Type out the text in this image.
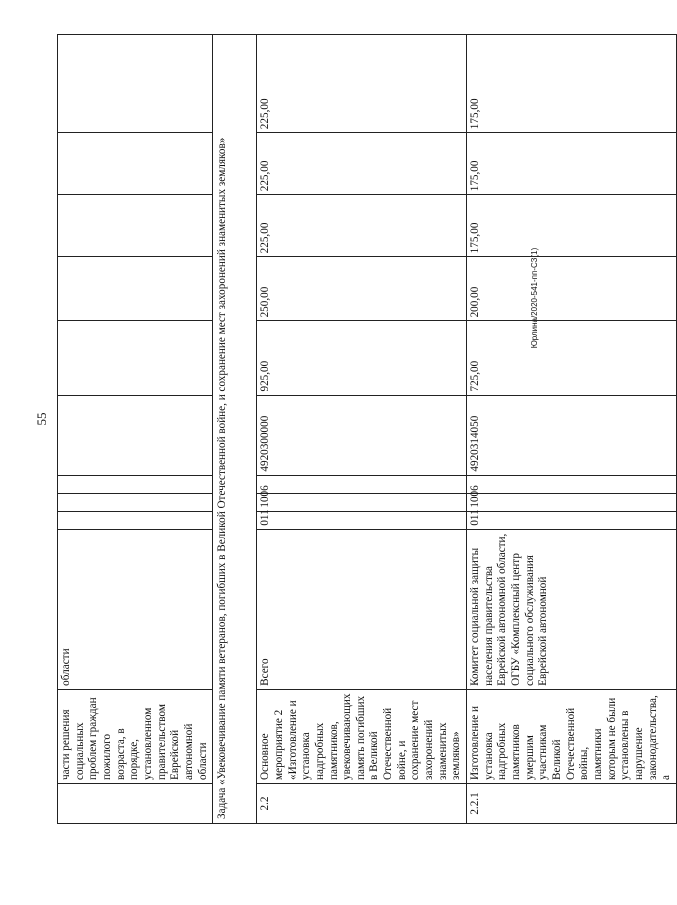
55
Юрлина/2020-541-пп-СЗ(1)
	части решения социальных проблем граждан пожилого возраста, в порядке, установленном правительством Еврейской автономной области	области									
Задача «Увековечивание памяти ветеранов, погибших в Великой Отечественной войне, и сохранение мест захоронений знаменитых земляков»											
2.2	Основное мероприятие 2 «Изготовление и установка надгробных памятников, увековечивающих память погибших в Великой Отечественной войне, и сохранение мест захоронений знаменитых земляков»	Всего	011	1006		4920300000	925,00	250,00	225,00	225,00	225,00
2.2.1	Изготовление и установка надгробных памятников умершим участникам Великой Отечественной войны, памятники которым не были установлены в нарушение законодательства, а	Комитет социальной защиты населения правительства Еврейской автономной области, ОГБУ «Комплексный центр социального обслуживания Еврейской автономной	011	1006		4920314050	725,00	200,00	175,00	175,00	175,00
